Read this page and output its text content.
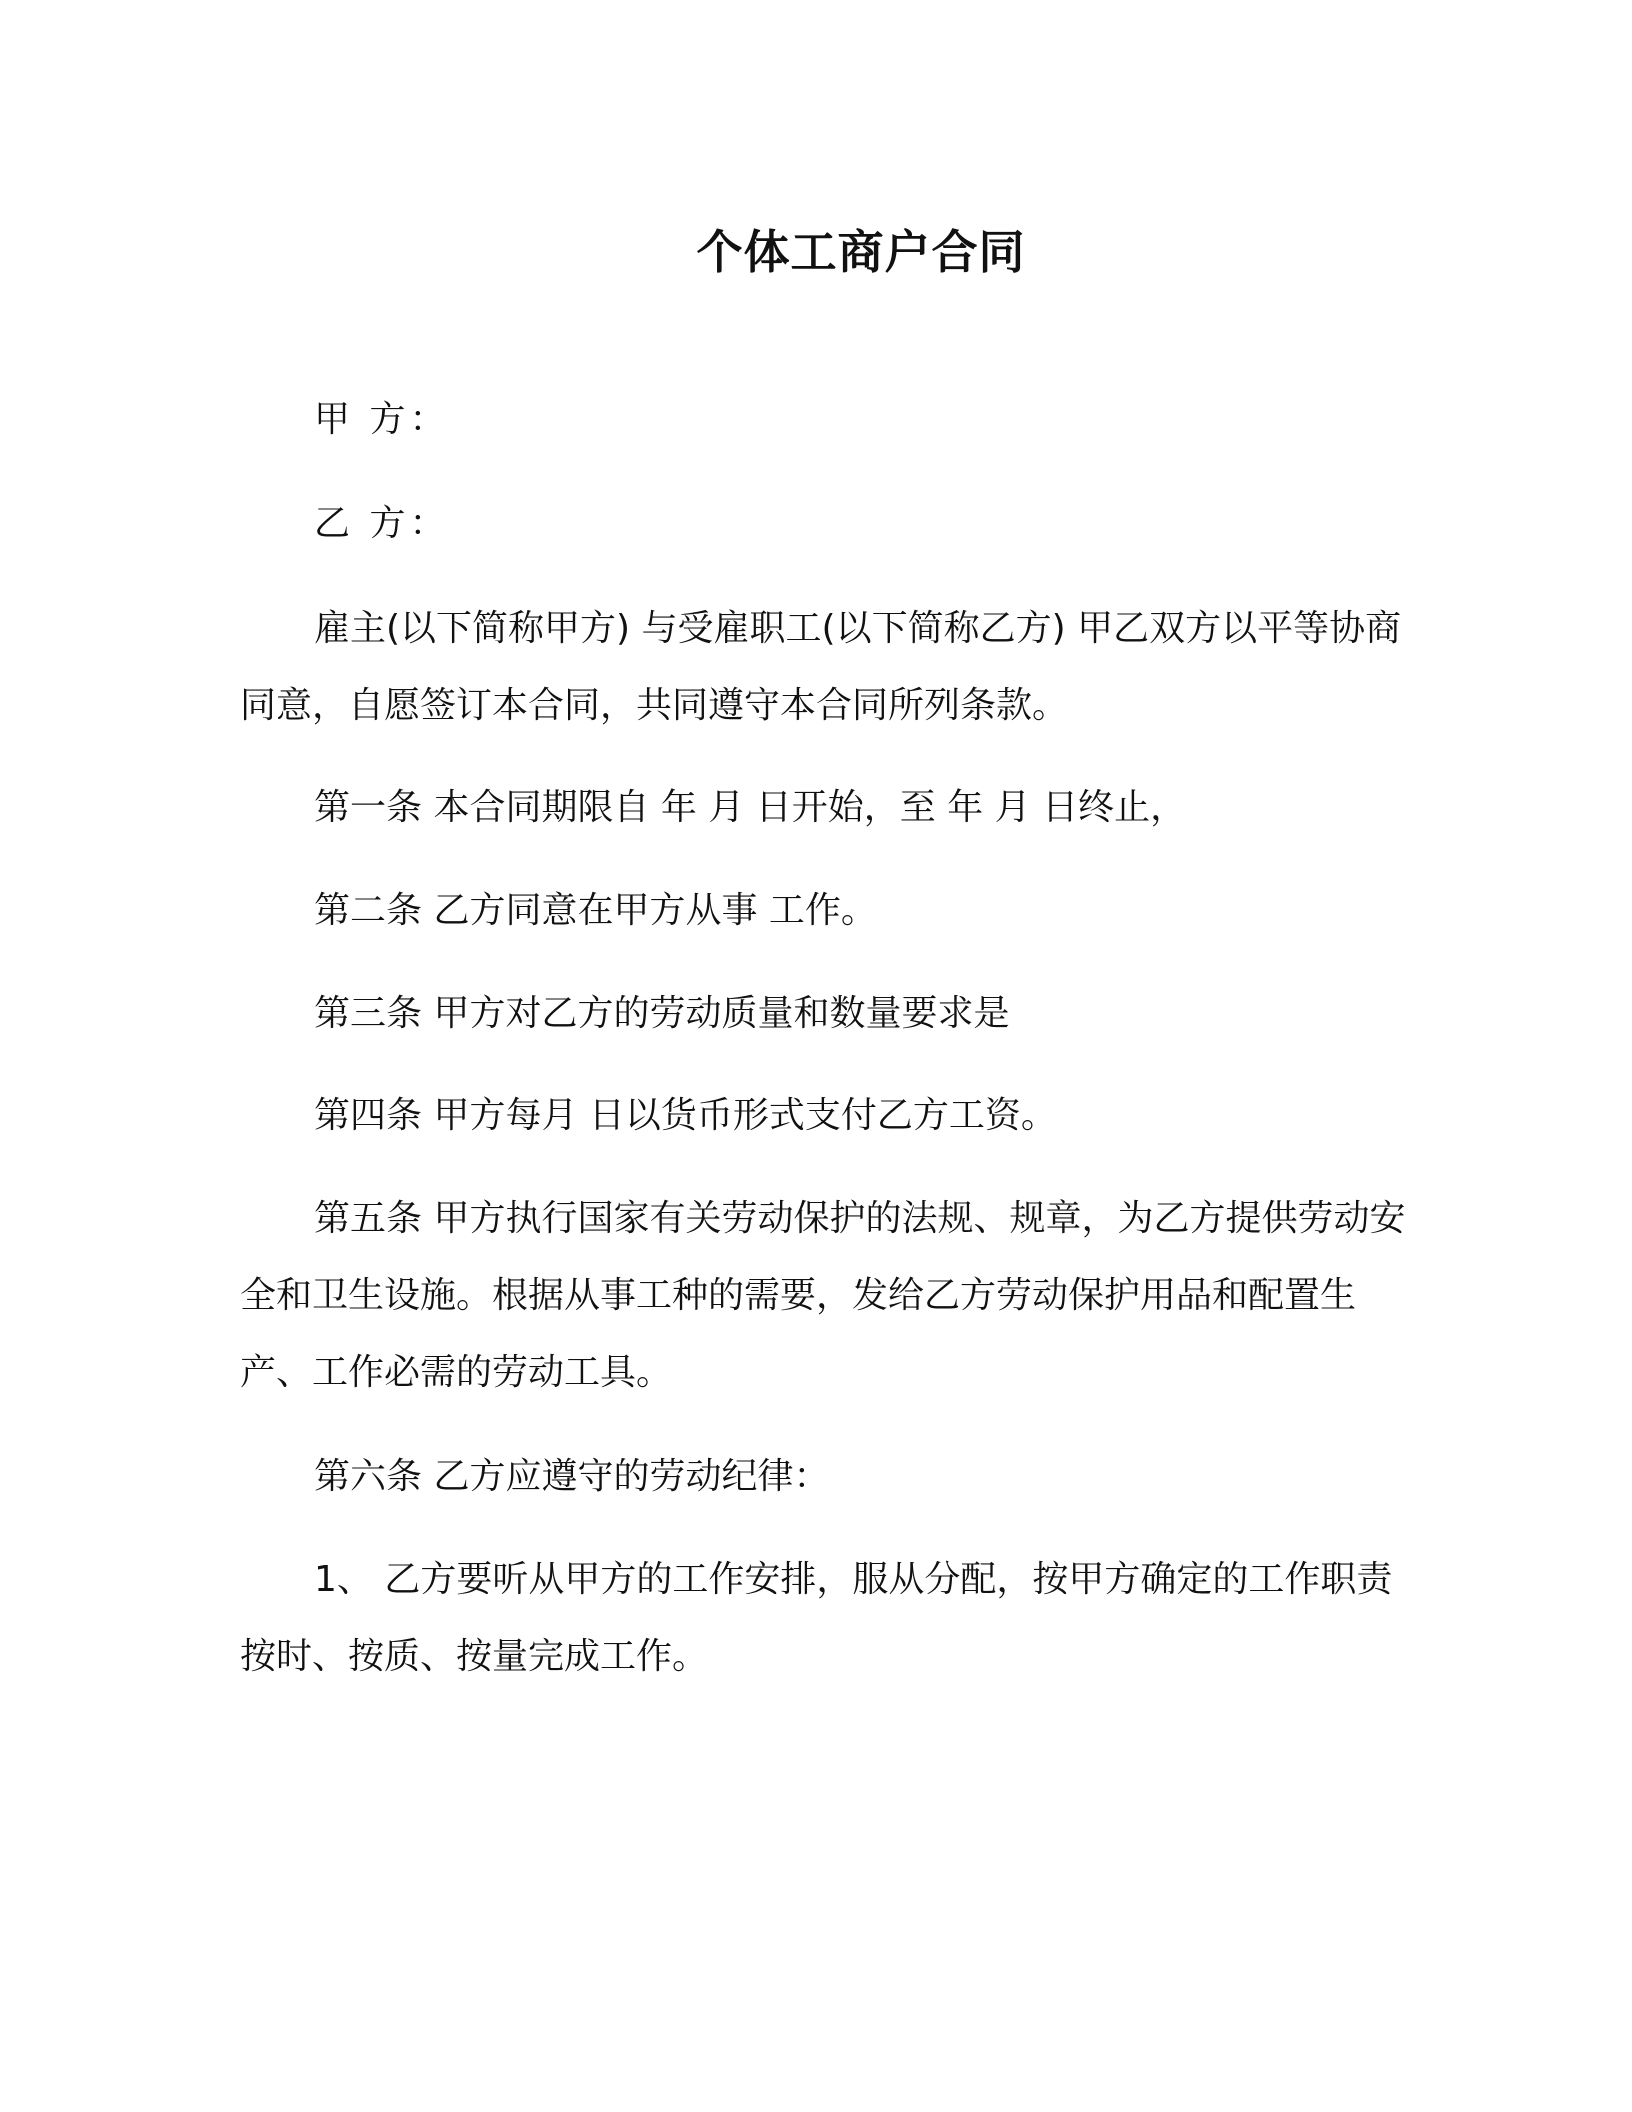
个体工商户合同

甲 方：

乙 方：

雇主(以下简称甲方) 与受雇职工(以下简称乙方) 甲乙双方以平等协商同意，自愿签订本合同，共同遵守本合同所列条款。

第一条 本合同期限自 年 月 日开始，至 年 月 日终止，

第二条 乙方同意在甲方从事 工作。

第三条 甲方对乙方的劳动质量和数量要求是

第四条 甲方每月 日以货币形式支付乙方工资。

第五条 甲方执行国家有关劳动保护的法规、规章，为乙方提供劳动安全和卫生设施。根据从事工种的需要，发给乙方劳动保护用品和配置生产、工作必需的劳动工具。

第六条 乙方应遵守的劳动纪律：

1、 乙方要听从甲方的工作安排，服从分配，按甲方确定的工作职责按时、按质、按量完成工作。
